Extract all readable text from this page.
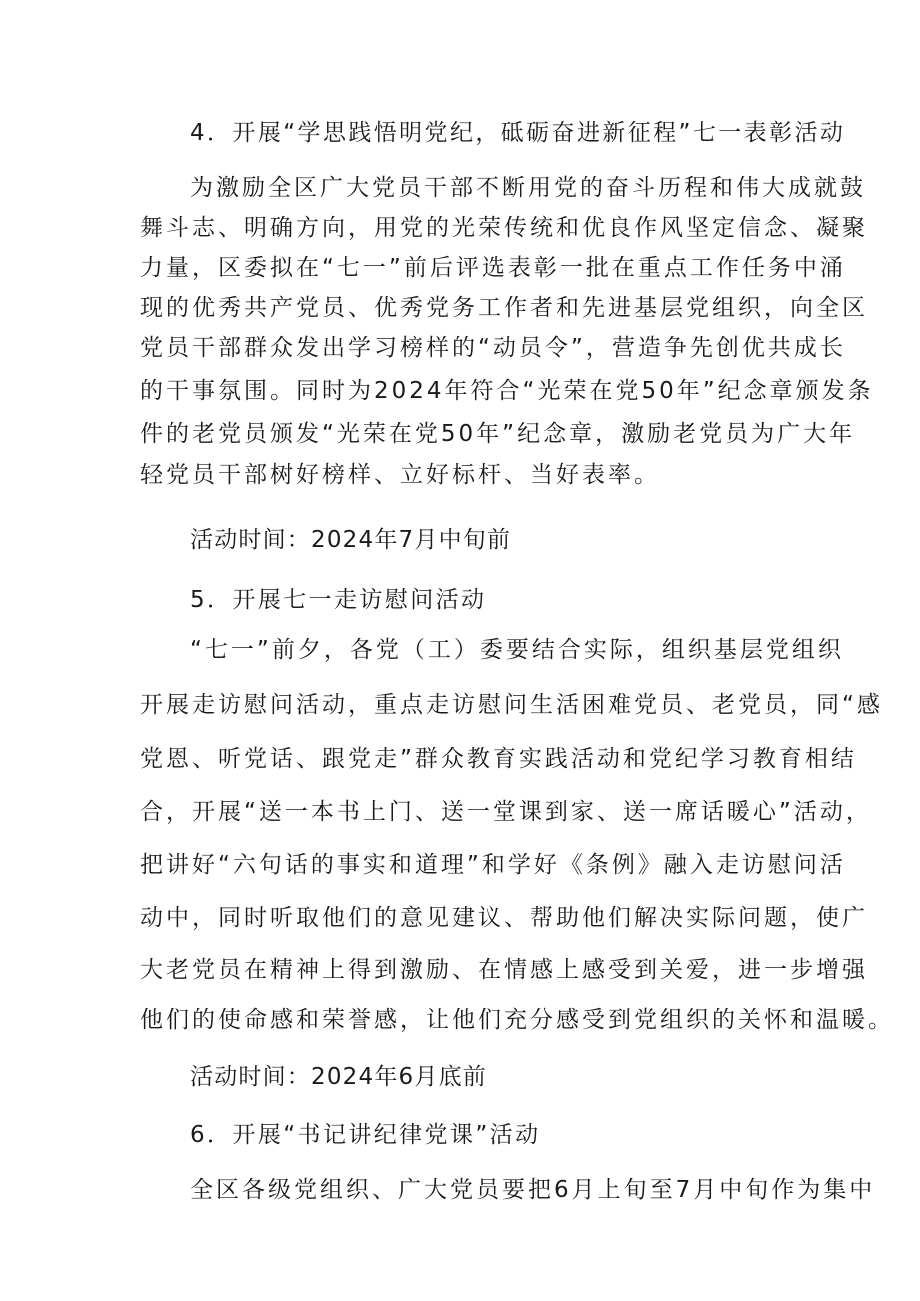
4．开展“学思践悟明党纪，砥砺奋进新征程”七一表彰活动
为激励全区广大党员干部不断用党的奋斗历程和伟大成就鼓
舞斗志、明确方向，用党的光荣传统和优良作风坚定信念、凝聚
力量，区委拟在“七一”前后评选表彰一批在重点工作任务中涌
现的优秀共产党员、优秀党务工作者和先进基层党组织，向全区
党员干部群众发出学习榜样的“动员令”，营造争先创优共成长
的干事氛围。同时为2024年符合“光荣在党50年”纪念章颁发条
件的老党员颁发“光荣在党50年”纪念章，激励老党员为广大年
轻党员干部树好榜样、立好标杆、当好表率。
活动时间：2024年7月中旬前
5．开展七一走访慰问活动
“七一”前夕，各党（工）委要结合实际，组织基层党组织
开展走访慰问活动，重点走访慰问生活困难党员、老党员，同“感
党恩、听党话、跟党走”群众教育实践活动和党纪学习教育相结
合，开展“送一本书上门、送一堂课到家、送一席话暖心”活动，
把讲好“六句话的事实和道理”和学好《条例》融入走访慰问活
动中，同时听取他们的意见建议、帮助他们解决实际问题，使广
大老党员在精神上得到激励、在情感上感受到关爱，进一步增强
他们的使命感和荣誉感，让他们充分感受到党组织的关怀和温暖。
活动时间：2024年6月底前
6．开展“书记讲纪律党课”活动
全区各级党组织、广大党员要把6月上旬至7月中旬作为集中
